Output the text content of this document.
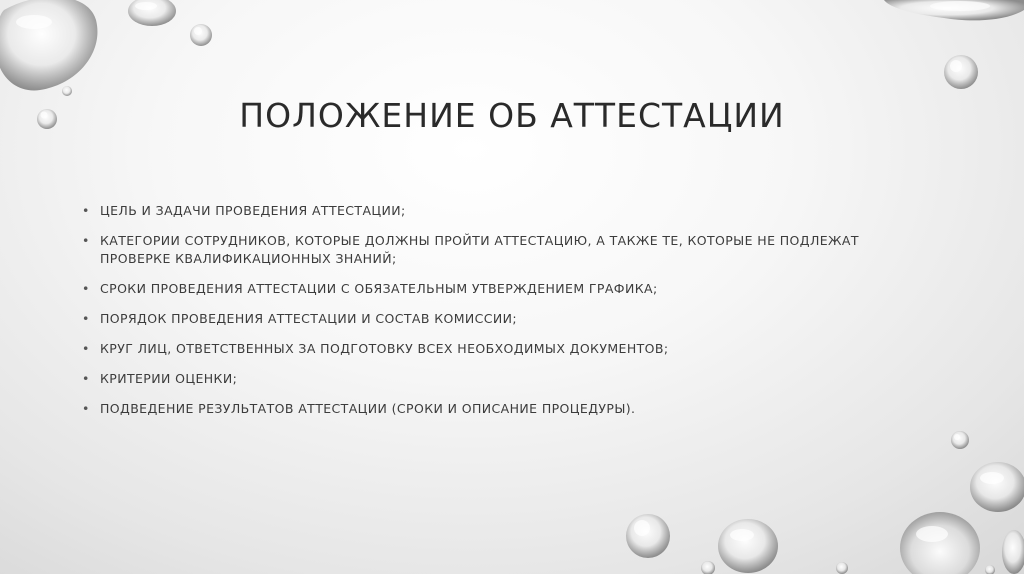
ПОЛОЖЕНИЕ ОБ АТТЕСТАЦИИ
• ЦЕЛЬ И ЗАДАЧИ ПРОВЕДЕНИЯ АТТЕСТАЦИИ;
• КАТЕГОРИИ СОТРУДНИКОВ, КОТОРЫЕ ДОЛЖНЫ ПРОЙТИ АТТЕСТАЦИЮ, А ТАКЖЕ ТЕ, КОТОРЫЕ НЕ ПОДЛЕЖАТ ПРОВЕРКЕ КВАЛИФИКАЦИОННЫХ ЗНАНИЙ;
• СРОКИ ПРОВЕДЕНИЯ АТТЕСТАЦИИ С ОБЯЗАТЕЛЬНЫМ УТВЕРЖДЕНИЕМ ГРАФИКА;
• ПОРЯДОК ПРОВЕДЕНИЯ АТТЕСТАЦИИ И СОСТАВ КОМИССИИ;
• КРУГ ЛИЦ, ОТВЕТСТВЕННЫХ ЗА ПОДГОТОВКУ ВСЕХ НЕОБХОДИМЫХ ДОКУМЕНТОВ;
• КРИТЕРИИ ОЦЕНКИ;
• ПОДВЕДЕНИЕ РЕЗУЛЬТАТОВ АТТЕСТАЦИИ (СРОКИ И ОПИСАНИЕ ПРОЦЕДУРЫ).
